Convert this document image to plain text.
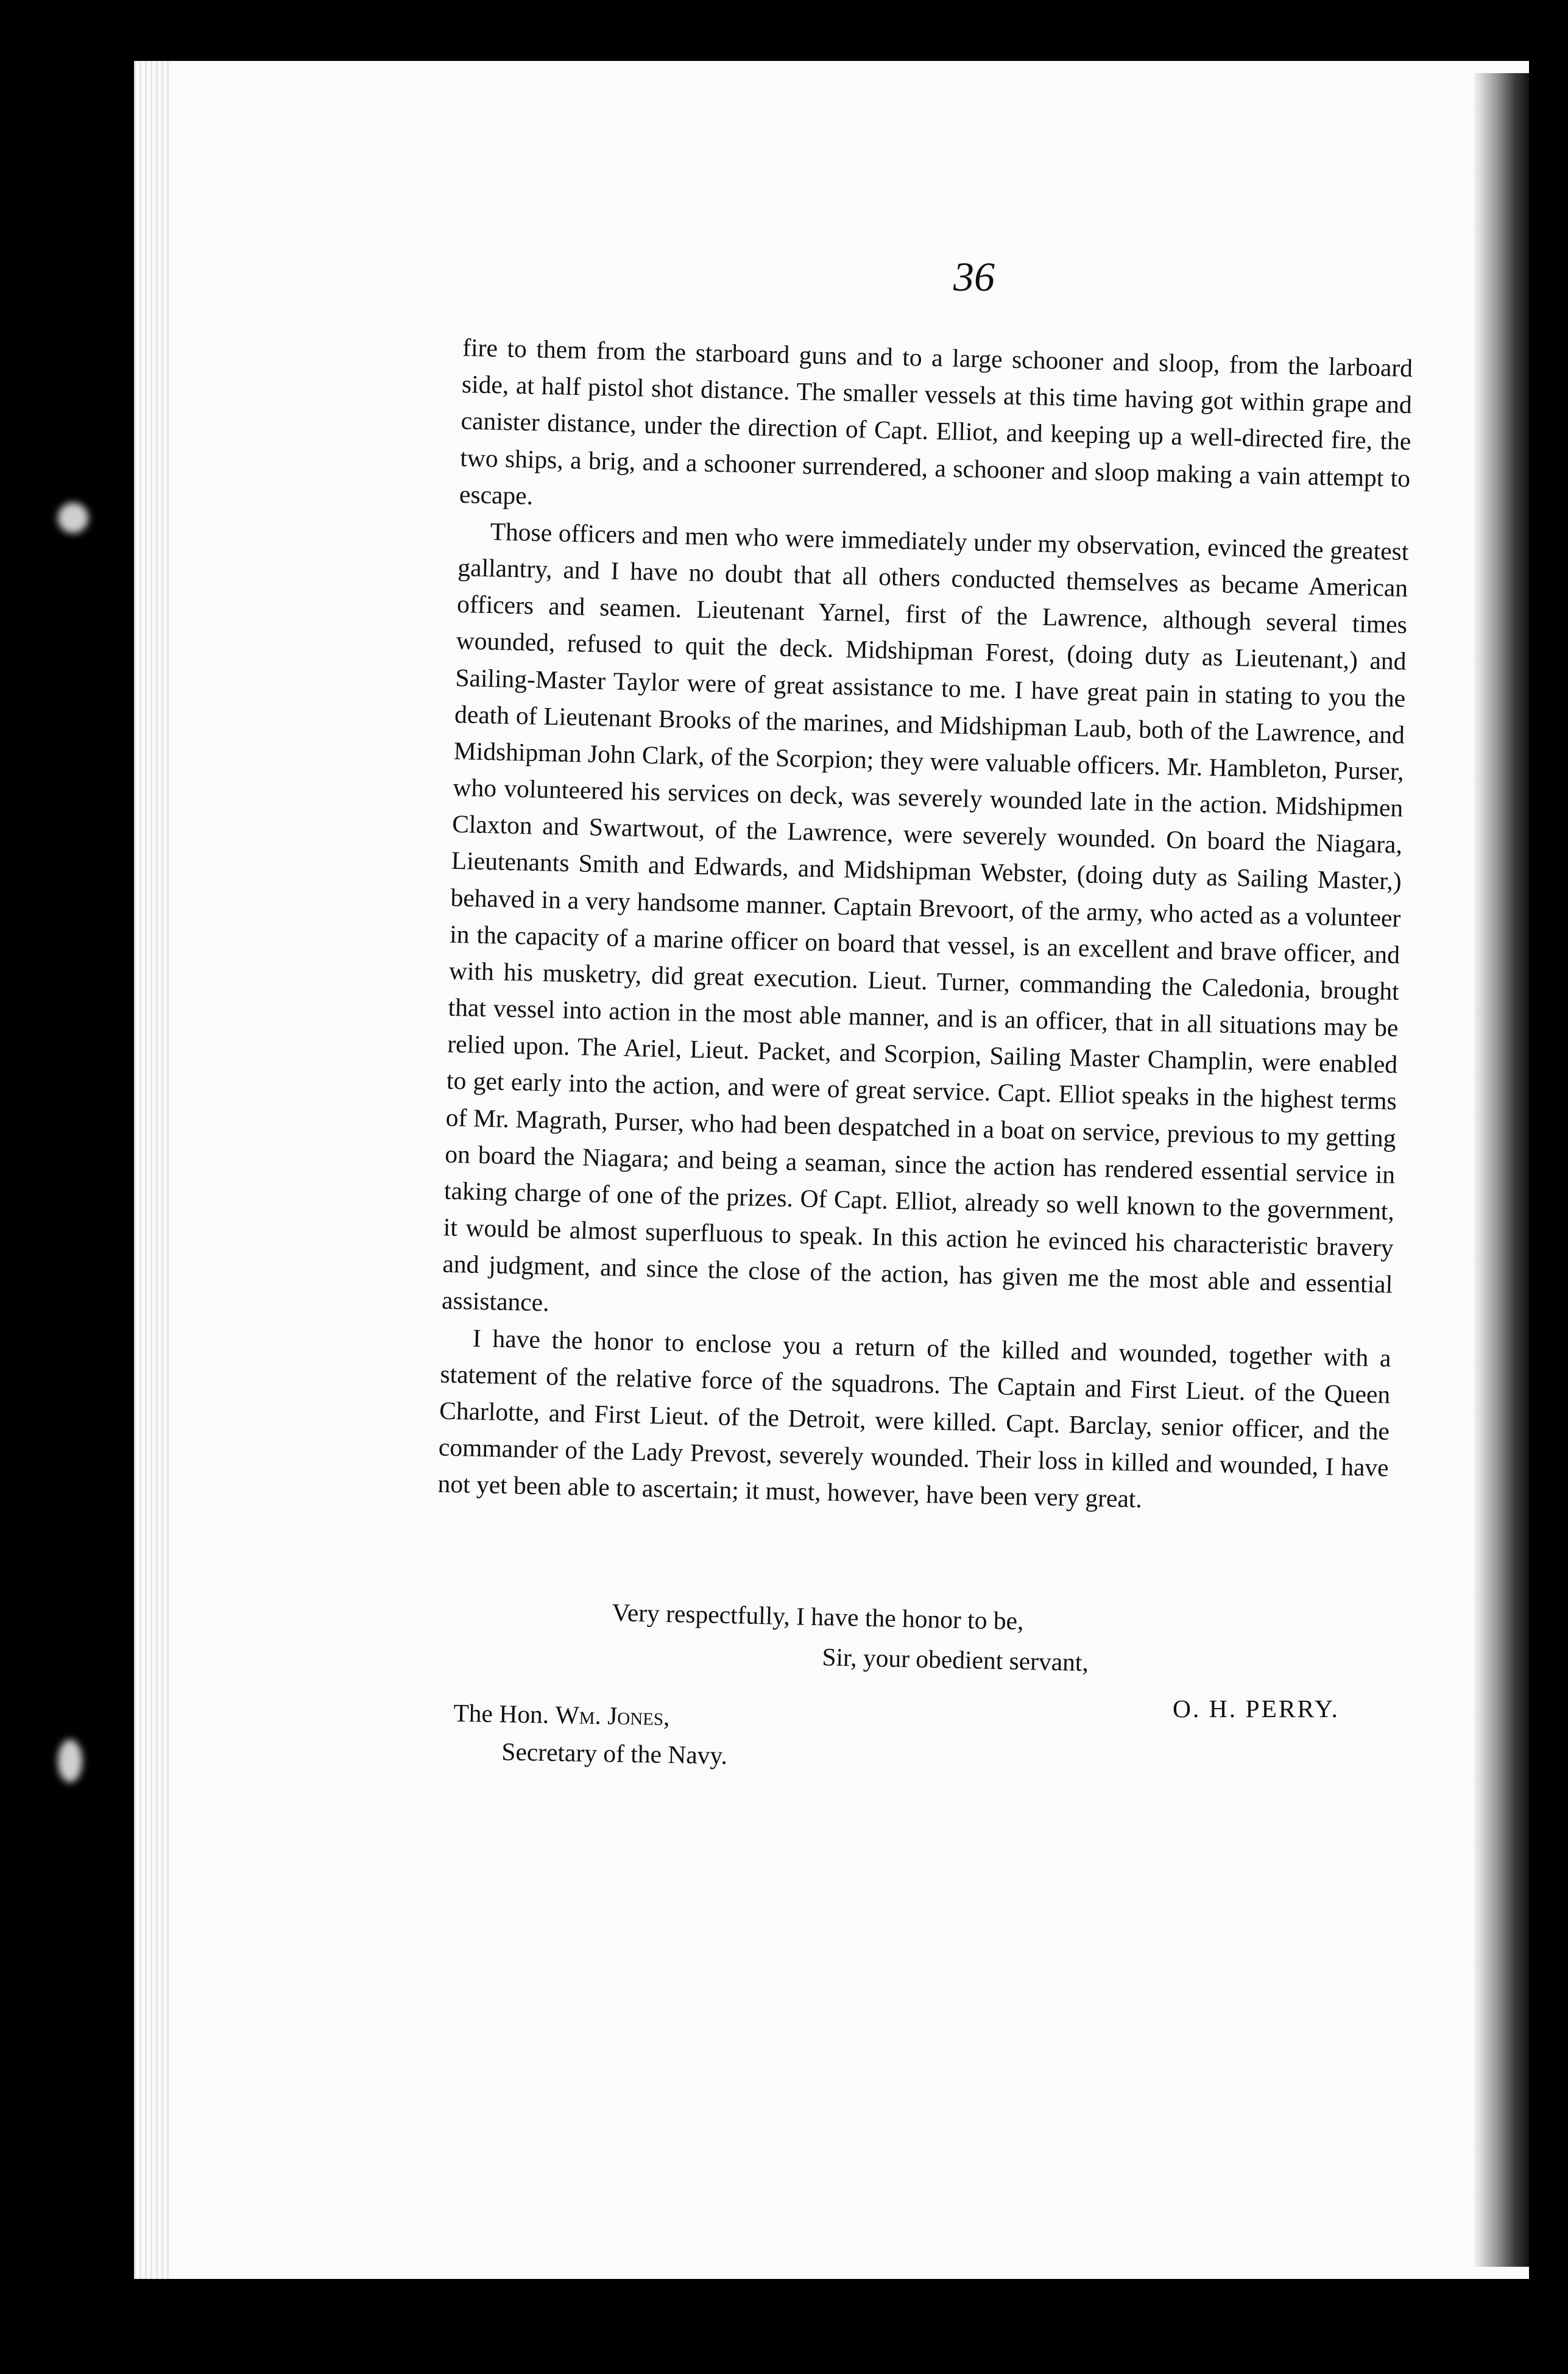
36

fire to them from the starboard guns and to a large schooner and sloop, from the larboard side, at half pistol shot distance. The smaller vessels at this time having got within grape and canister distance, under the direction of Capt. Elliot, and keeping up a well-directed fire, the two ships, a brig, and a schooner surrendered, a schooner and sloop making a vain attempt to escape.

Those officers and men who were immediately under my observation, evinced the greatest gallantry, and I have no doubt that all others conducted themselves as became American officers and seamen. Lieutenant Yarnel, first of the Lawrence, although several times wounded, refused to quit the deck. Midshipman Forest, (doing duty as Lieutenant,) and Sailing-Master Taylor were of great assistance to me. I have great pain in stating to you the death of Lieutenant Brooks of the marines, and Midshipman Laub, both of the Lawrence, and Midshipman John Clark, of the Scorpion; they were valuable officers. Mr. Hambleton, Purser, who volunteered his services on deck, was severely wounded late in the action. Midshipmen Claxton and Swartwout, of the Lawrence, were severely wounded. On board the Niagara, Lieutenants Smith and Edwards, and Midshipman Webster, (doing duty as Sailing Master,) behaved in a very handsome manner. Captain Brevoort, of the army, who acted as a volunteer in the capacity of a marine officer on board that vessel, is an excellent and brave officer, and with his musketry, did great execution. Lieut. Turner, commanding the Caledonia, brought that vessel into action in the most able manner, and is an officer, that in all situations may be relied upon. The Ariel, Lieut. Packet, and Scorpion, Sailing Master Champlin, were enabled to get early into the action, and were of great service. Capt. Elliot speaks in the highest terms of Mr. Magrath, Purser, who had been despatched in a boat on service, previous to my getting on board the Niagara; and being a seaman, since the action has rendered essential service in taking charge of one of the prizes. Of Capt. Elliot, already so well known to the government, it would be almost superfluous to speak. In this action he evinced his characteristic bravery and judgment, and since the close of the action, has given me the most able and essential assistance.

I have the honor to enclose you a return of the killed and wounded, together with a statement of the relative force of the squadrons. The Captain and First Lieut. of the Queen Charlotte, and First Lieut. of the Detroit, were killed. Capt. Barclay, senior officer, and the commander of the Lady Prevost, severely wounded. Their loss in killed and wounded, I have not yet been able to ascertain; it must, however, have been very great.

Very respectfully, I have the honor to be,
Sir, your obedient servant,
O. H. PERRY.
The Hon. Wm. Jones,
Secretary of the Navy.
